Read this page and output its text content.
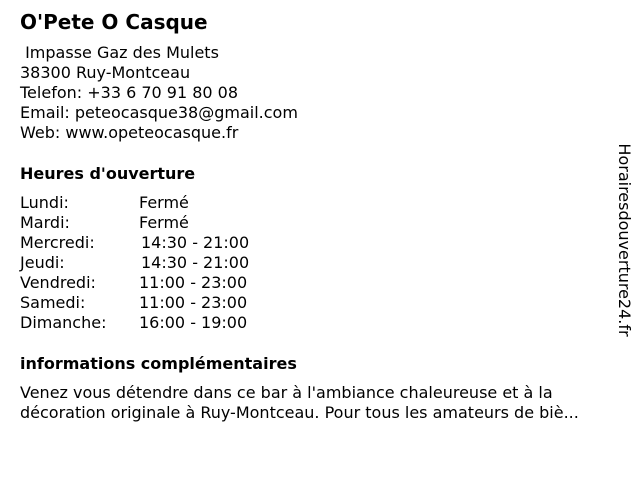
O'Pete O Casque
Impasse Gaz des Mulets
38300 Ruy-Montceau
Telefon: +33 6 70 91 80 08
Email: peteocasque38@gmail.com
Web: www.opeteocasque.fr
Heures d'ouverture
Lundi:	Fermé
Mardi:	Fermé
Mercredi:	14:30 - 21:00
Jeudi:	14:30 - 21:00
Vendredi:	11:00 - 23:00
Samedi:	11:00 - 23:00
Dimanche: 16:00 - 19:00
informations complémentaires
Venez vous détendre dans ce bar à l'ambiance chaleureuse et à la
décoration originale à Ruy-Montceau. Pour tous les amateurs de biè...
Horairesdouverture24.fr
